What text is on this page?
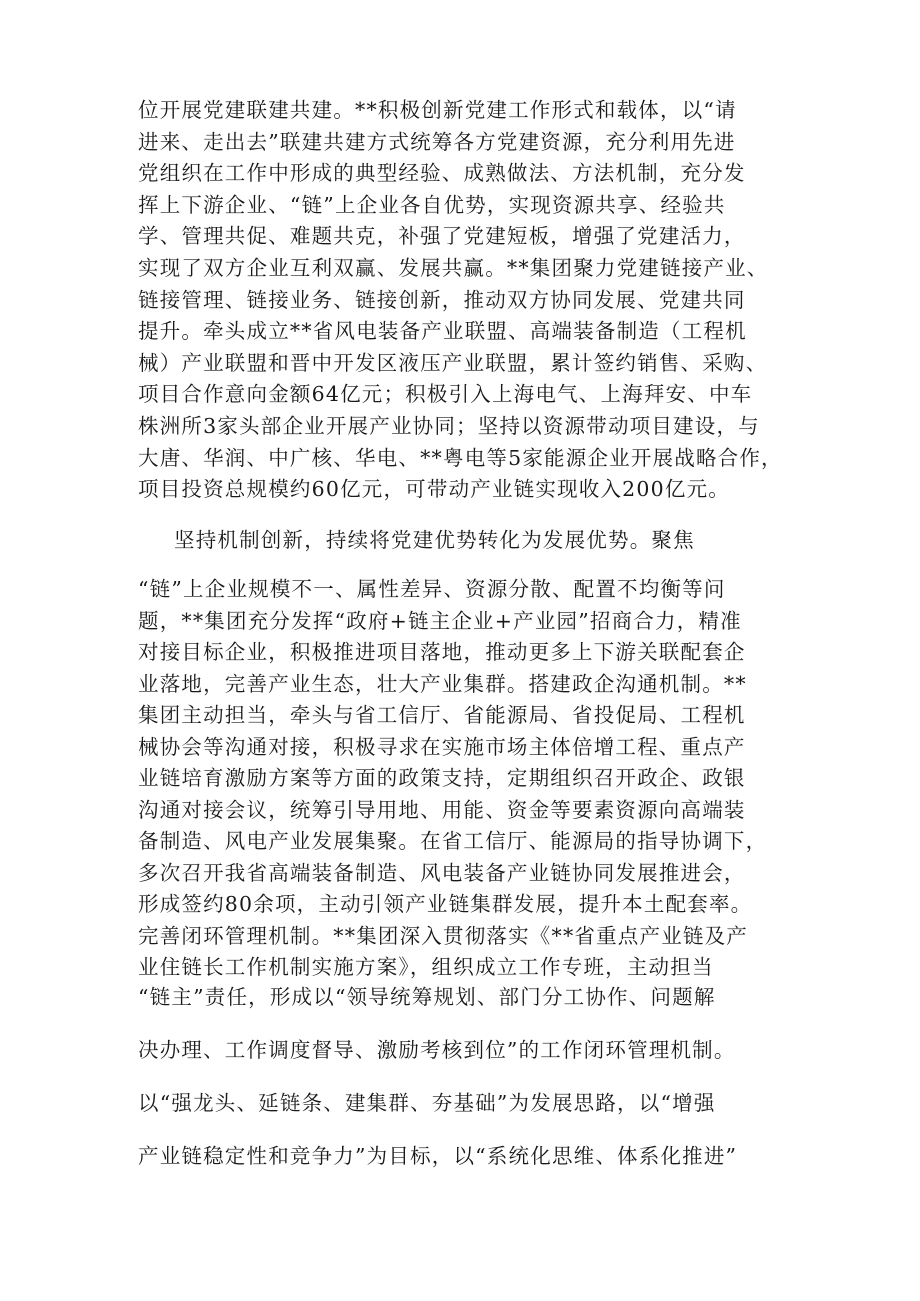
位开展党建联建共建。**积极创新党建工作形式和载体，以“请
进来、走出去”联建共建方式统筹各方党建资源，充分利用先进
党组织在工作中形成的典型经验、成熟做法、方法机制，充分发
挥上下游企业、“链”上企业各自优势，实现资源共享、经验共
学、管理共促、难题共克，补强了党建短板，增强了党建活力，
实现了双方企业互利双赢、发展共赢。**集团聚力党建链接产业、
链接管理、链接业务、链接创新，推动双方协同发展、党建共同
提升。牵头成立**省风电装备产业联盟、高端装备制造（工程机
械）产业联盟和晋中开发区液压产业联盟，累计签约销售、采购、
项目合作意向金额64亿元；积极引入上海电气、上海拜安、中车
株洲所3家头部企业开展产业协同；坚持以资源带动项目建设，与
大唐、华润、中广核、华电、**粤电等5家能源企业开展战略合作，
项目投资总规模约60亿元，可带动产业链实现收入200亿元。
坚持机制创新，持续将党建优势转化为发展优势。聚焦
“链”上企业规模不一、属性差异、资源分散、配置不均衡等问
题，**集团充分发挥“政府+链主企业+产业园”招商合力，精准
对接目标企业，积极推进项目落地，推动更多上下游关联配套企
业落地，完善产业生态，壮大产业集群。搭建政企沟通机制。**
集团主动担当，牵头与省工信厅、省能源局、省投促局、工程机
械协会等沟通对接，积极寻求在实施市场主体倍增工程、重点产
业链培育激励方案等方面的政策支持，定期组织召开政企、政银
沟通对接会议，统筹引导用地、用能、资金等要素资源向高端装
备制造、风电产业发展集聚。在省工信厅、能源局的指导协调下，
多次召开我省高端装备制造、风电装备产业链协同发展推进会，
形成签约80余项，主动引领产业链集群发展，提升本土配套率。
完善闭环管理机制。**集团深入贯彻落实《**省重点产业链及产
业住链长工作机制实施方案》，组织成立工作专班，主动担当
“链主”责任，形成以“领导统筹规划、部门分工协作、问题解
决办理、工作调度督导、激励考核到位”的工作闭环管理机制。
以“强龙头、延链条、建集群、夯基础”为发展思路，以“增强
产业链稳定性和竞争力”为目标，以“系统化思维、体系化推进”
